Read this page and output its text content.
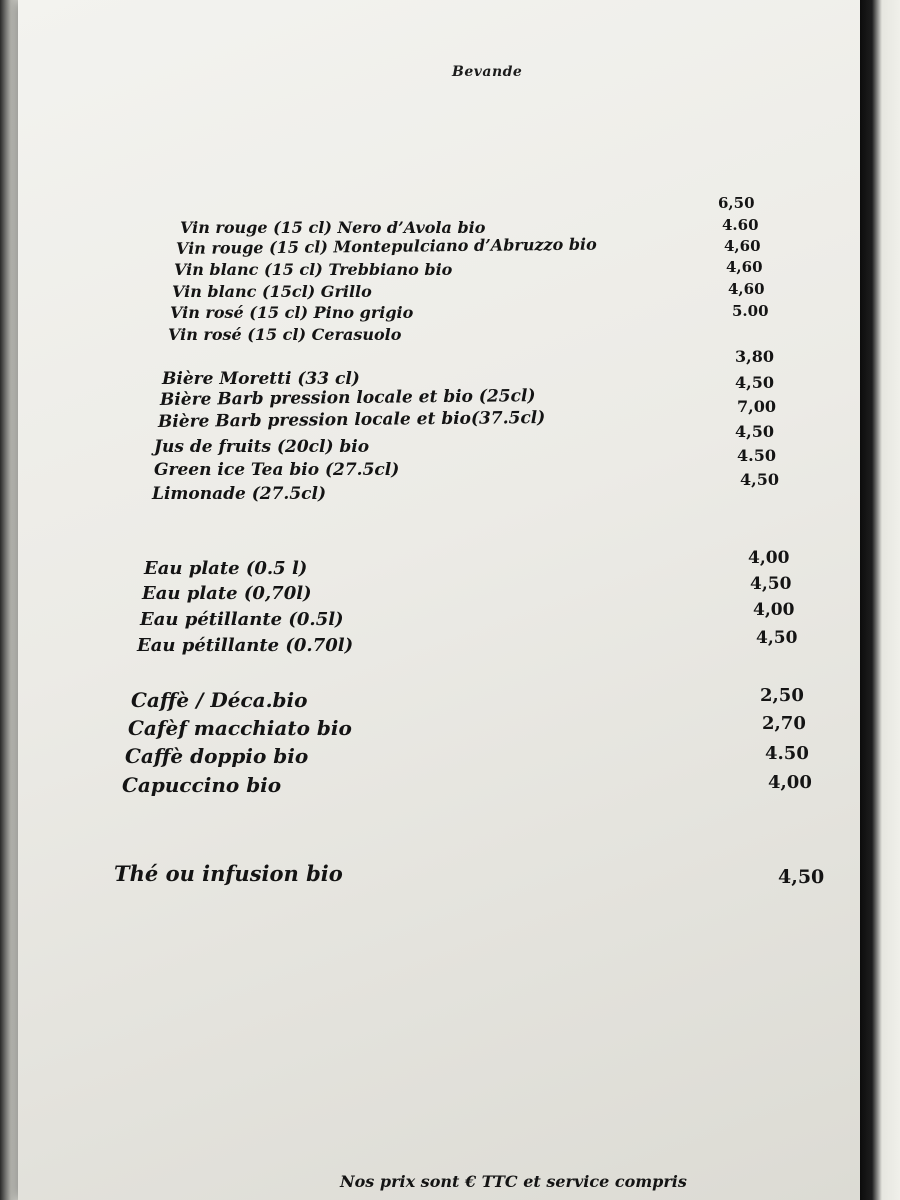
Bevande
Vin rouge (15 cl) Nero d’Avola bio
Vin rouge (15 cl) Montepulciano d’Abruzzo bio
Vin blanc (15 cl) Trebbiano bio
Vin blanc (15cl) Grillo
Vin rosé (15 cl) Pino grigio
Vin rosé (15 cl) Cerasuolo
6,50
4.60
4,60
4,60
4,60
5.00
Bière Moretti (33 cl)
Bière Barb pression locale et bio (25cl)
Bière Barb pression locale et bio(37.5cl)
Jus de fruits (20cl) bio
Green ice Tea bio (27.5cl)
Limonade (27.5cl)
3,80
4,50
7,00
4,50
4.50
4,50
Eau plate (0.5 l)
Eau plate (0,70l)
Eau pétillante (0.5l)
Eau pétillante (0.70l)
4,00
4,50
4,00
4,50
Caffè / Déca.bio
Cafèf macchiato bio
Caffè doppio bio
Capuccino bio
2,50
2,70
4.50
4,00
Thé ou infusion bio	4,50
Nos prix sont € TTC et service compris
